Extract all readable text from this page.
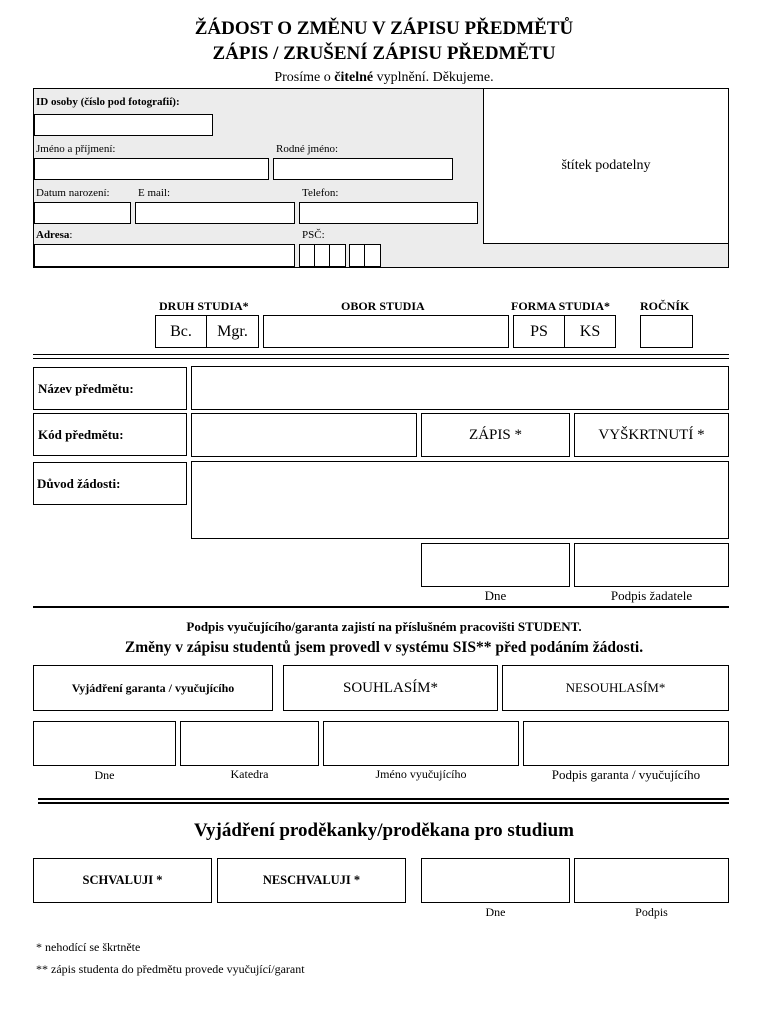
ŽÁDOST O ZMĚNU V ZÁPISU PŘEDMĚTŮ
ZÁPIS / ZRUŠENÍ ZÁPISU PŘEDMĚTU
Prosíme o čitelné vyplnění. Děkujeme.
štítek podatelny
ID osoby (číslo pod fotografií):
Jméno a příjmení:	Rodné jméno:
Datum narození:	E mail:	Telefon:
Adresa:	PSČ:
DRUH STUDIA*	OBOR STUDIA	FORMA STUDIA* ROČNÍK
Bc.	Mgr.	PS	KS
Název předmětu:
Kód předmětu:	ZÁPIS *	VYŠKRTNUTÍ *
Důvod žádosti:
Dne	Podpis žadatele
Podpis vyučujícího/garanta zajistí na příslušném pracovišti STUDENT.
Změny v zápisu studentů jsem provedl v systému SIS** před podáním žádosti.
Vyjádření garanta / vyučujícího	SOUHLASÍM*	NESOUHLASÍM*
Dne	Katedra	Jméno vyučujícího	Podpis garanta / vyučujícího
Vyjádření proděkanky/proděkana pro studium
SCHVALUJI *	NESCHVALUJI *
Dne	Podpis
* nehodící se škrtněte
** zápis studenta do předmětu provede vyučující/garant
